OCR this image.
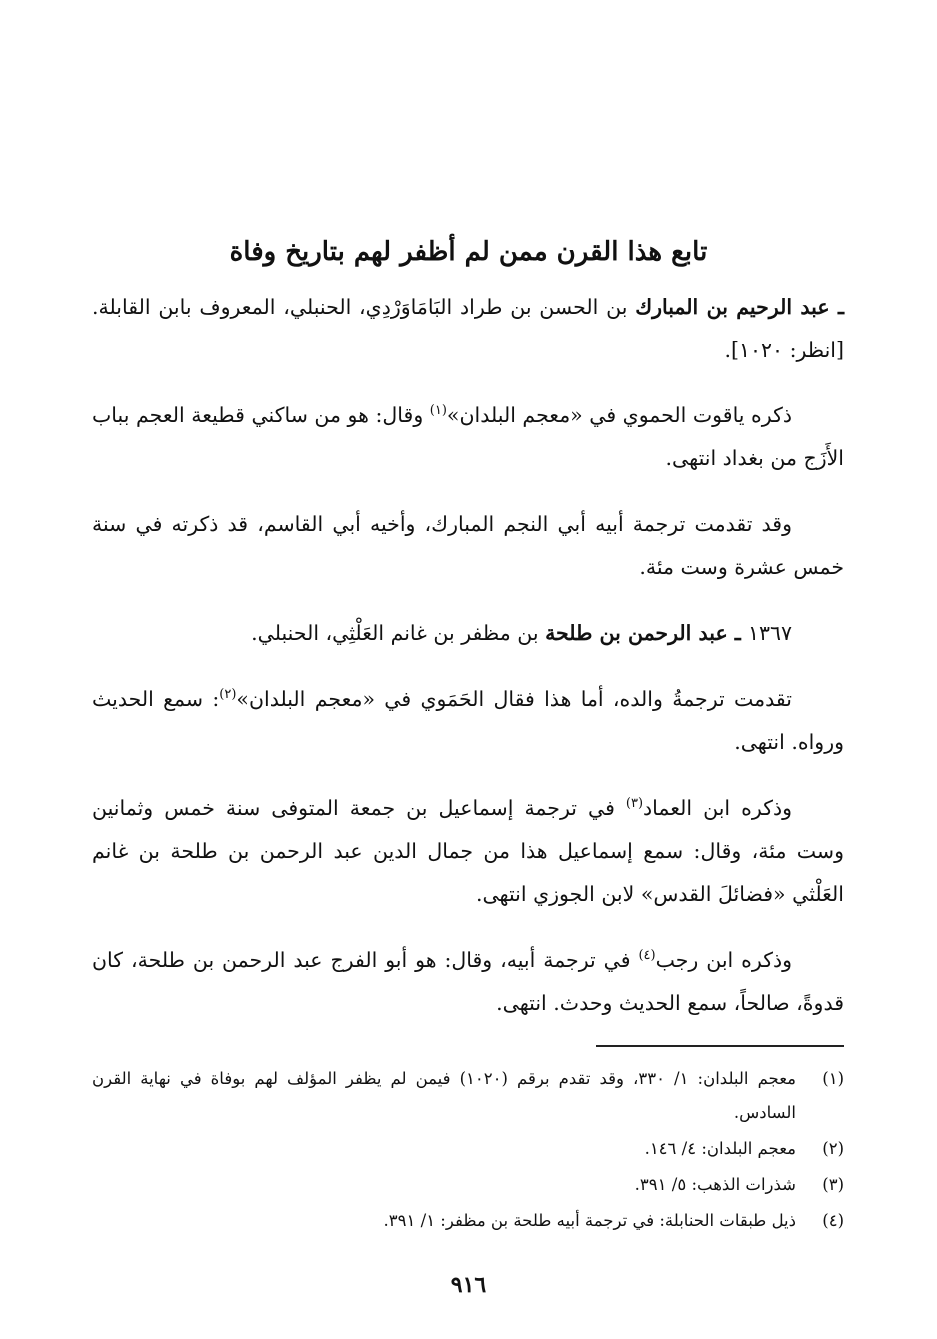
تابع هذا القرن ممن لم أظفر لهم بتاريخ وفاة

ـ عبد الرحيم بن المبارك بن الحسن بن طراد البَامَاوَرْدِي، الحنبلي، المعروف بابن القابلة. [انظر: ١٠٢٠].

ذكره ياقوت الحموي في «معجم البلدان»$^{(١)}$ وقال: هو من ساكني قطيعة العجم بباب الأَزَج من بغداد انتهى.

وقد تقدمت ترجمة أبيه أبي النجم المبارك، وأخيه أبي القاسم، قد ذكرته في سنة خمس عشرة وست مئة.

١٣٦٧ ـ عبد الرحمن بن طلحة بن مظفر بن غانم العَلْثِي، الحنبلي.

تقدمت ترجمةُ والده، أما هذا فقال الحَمَوي في «معجم البلدان»$^{(٢)}$: سمع الحديث ورواه. انتهى.

وذكره ابن العماد$^{(٣)}$ في ترجمة إسماعيل بن جمعة المتوفى سنة خمس وثمانين وست مئة، وقال: سمع إسماعيل هذا من جمال الدين عبد الرحمن بن طلحة بن غانم العَلْثي «فضائلَ القدس» لابن الجوزي انتهى.

وذكره ابن رجب$^{(٤)}$ في ترجمة أبيه، وقال: هو أبو الفرج عبد الرحمن بن طلحة، كان قدوةً، صالحاً، سمع الحديث وحدث. انتهى.

(١)
معجم البلدان: ١/ ٣٣٠، وقد تقدم برقم (١٠٢٠) فيمن لم يظفر المؤلف لهم بوفاة في نهاية القرن السادس.
(٢)
معجم البلدان: ٤/ ١٤٦.
(٣)
شذرات الذهب: ٥/ ٣٩١.
(٤)
ذيل طبقات الحنابلة: في ترجمة أبيه طلحة بن مظفر: ١/ ٣٩١.
٩١٦
